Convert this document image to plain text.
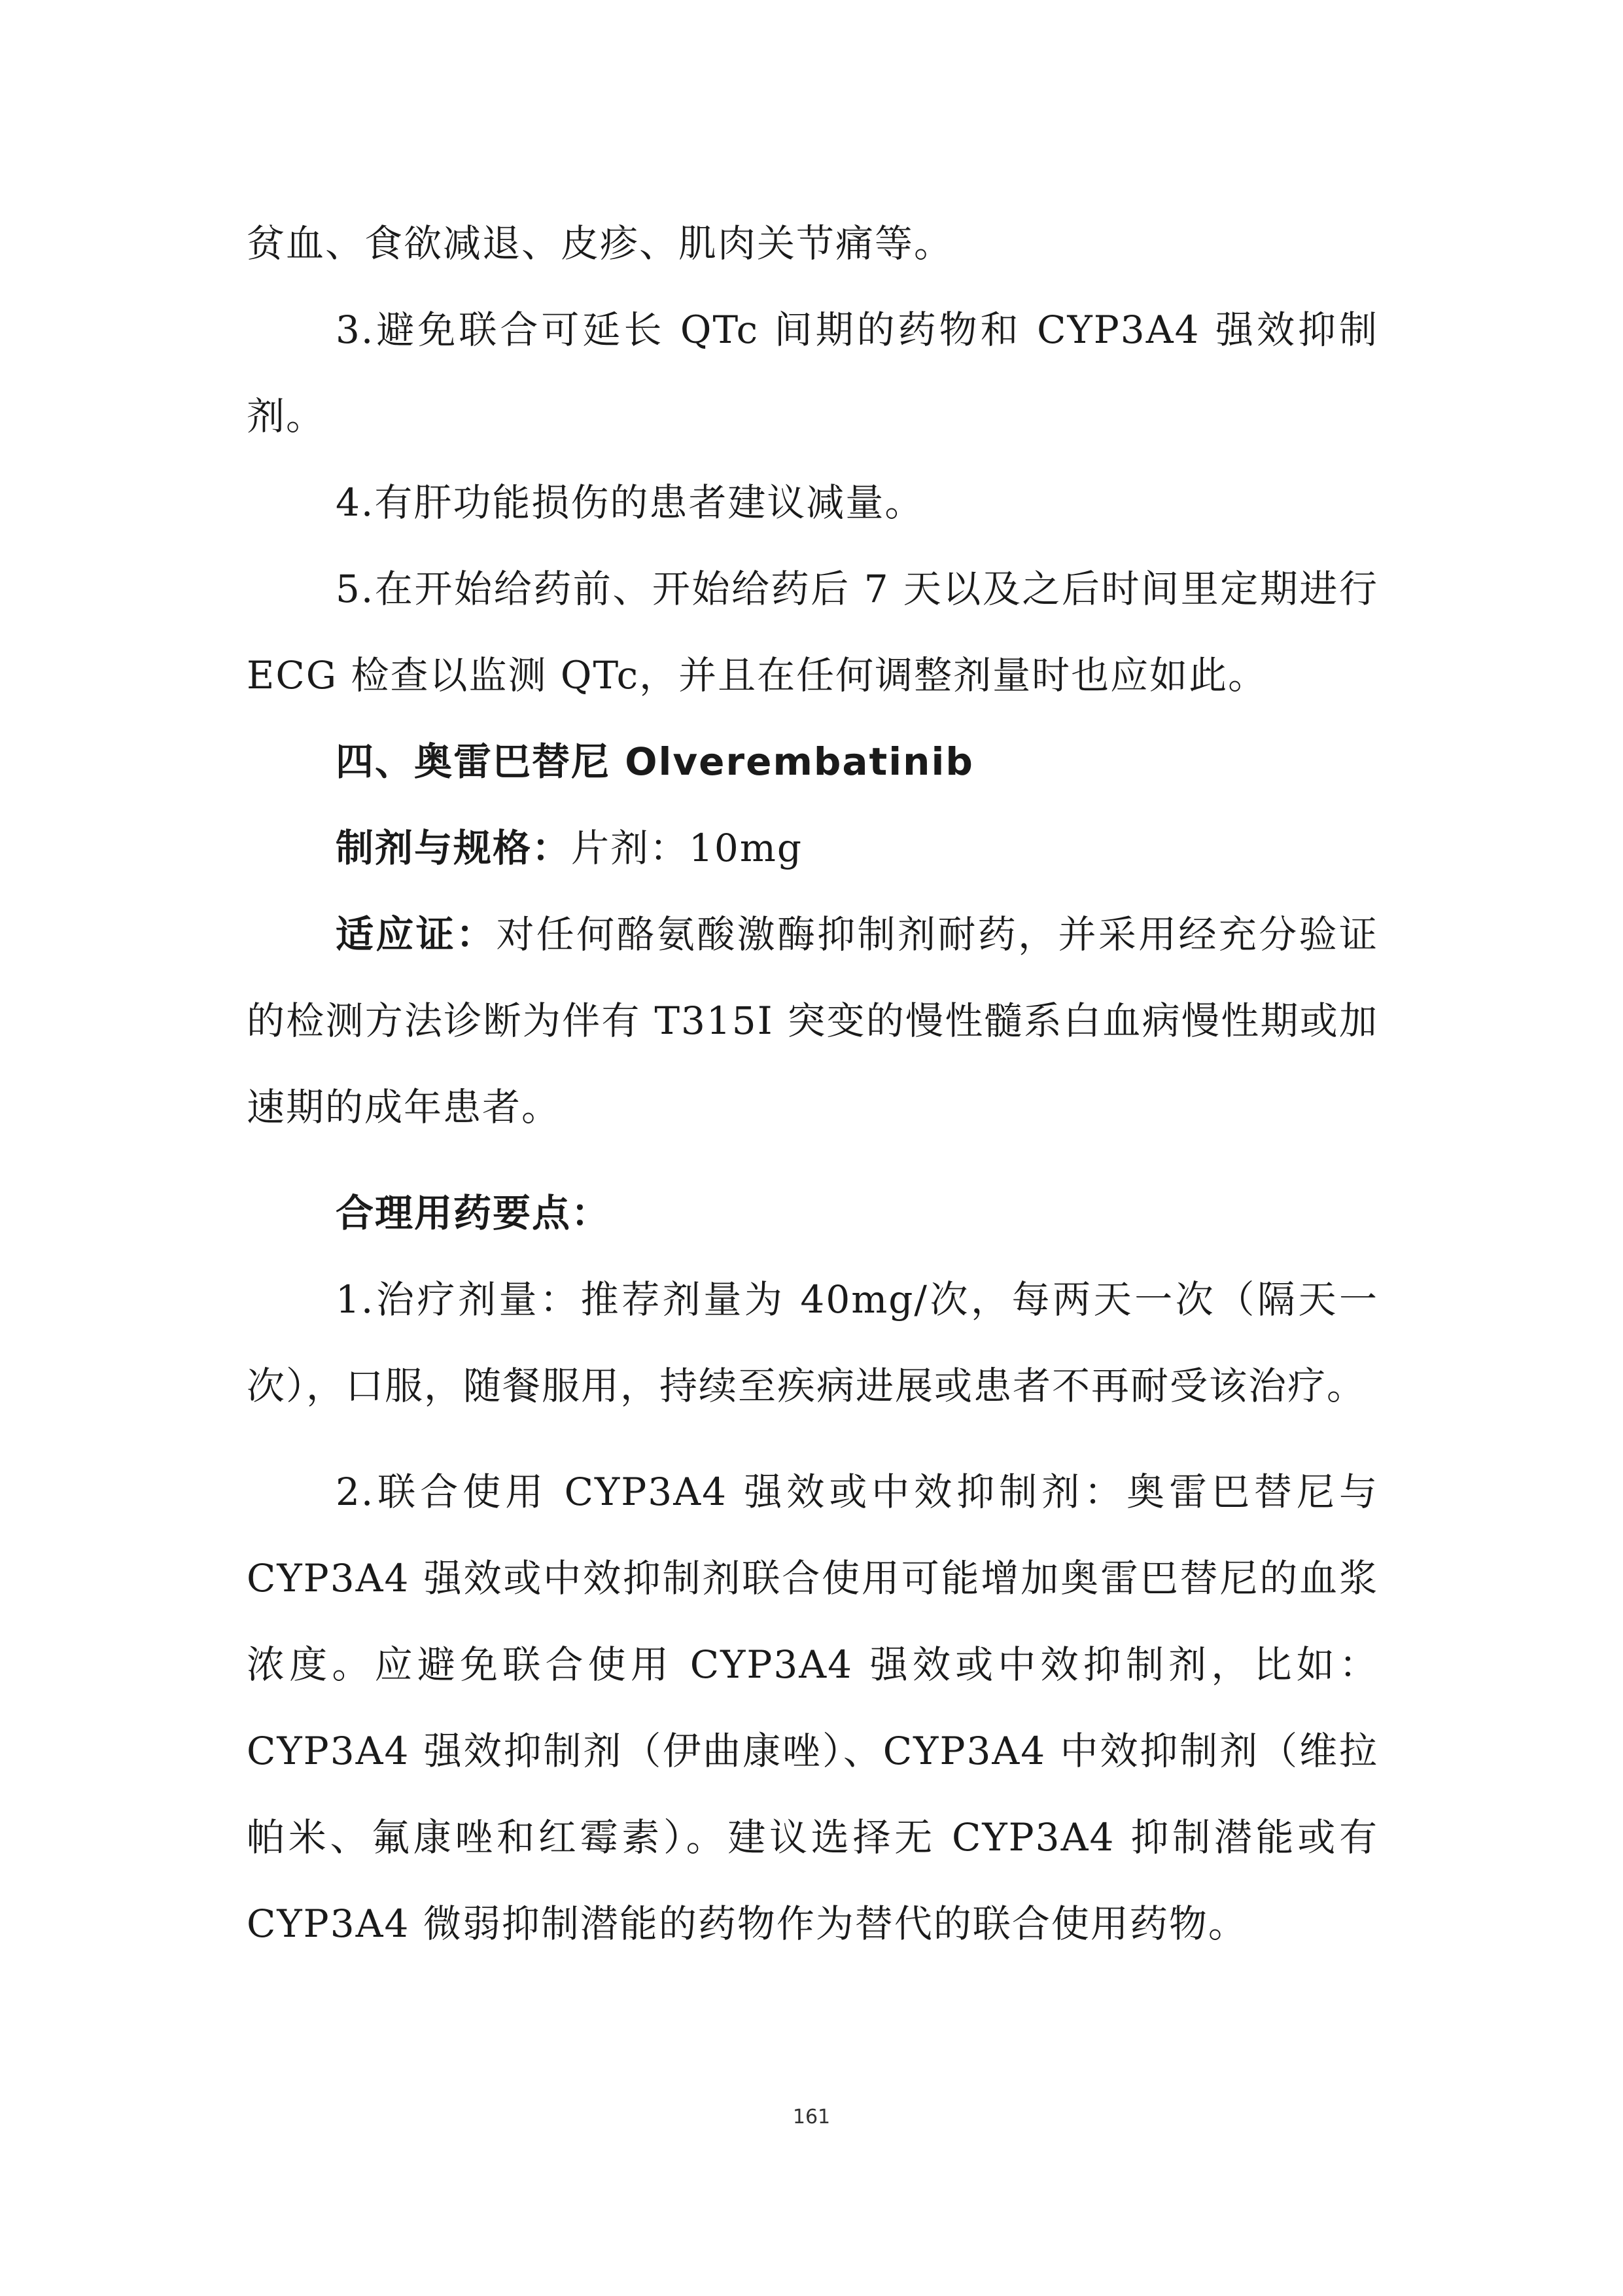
贫血、食欲减退、皮疹、肌肉关节痛等。

3.避免联合可延长 QTc 间期的药物和 CYP3A4 强效抑制剂。

4.有肝功能损伤的患者建议减量。

5.在开始给药前、开始给药后 7 天以及之后时间里定期进行 ECG 检查以监测 QTc，并且在任何调整剂量时也应如此。

四、奥雷巴替尼 Olverembatinib

制剂与规格：片剂：10mg

适应证：对任何酪氨酸激酶抑制剂耐药，并采用经充分验证的检测方法诊断为伴有 T315I 突变的慢性髓系白血病慢性期或加速期的成年患者。

合理用药要点：

1.治疗剂量：推荐剂量为 40mg/次，每两天一次（隔天一次），口服，随餐服用，持续至疾病进展或患者不再耐受该治疗。

2.联合使用 CYP3A4 强效或中效抑制剂：奥雷巴替尼与 CYP3A4 强效或中效抑制剂联合使用可能增加奥雷巴替尼的血浆浓度。应避免联合使用 CYP3A4 强效或中效抑制剂，比如：CYP3A4 强效抑制剂（伊曲康唑）、CYP3A4 中效抑制剂（维拉帕米、氟康唑和红霉素）。建议选择无 CYP3A4 抑制潜能或有 CYP3A4 微弱抑制潜能的药物作为替代的联合使用药物。

161
